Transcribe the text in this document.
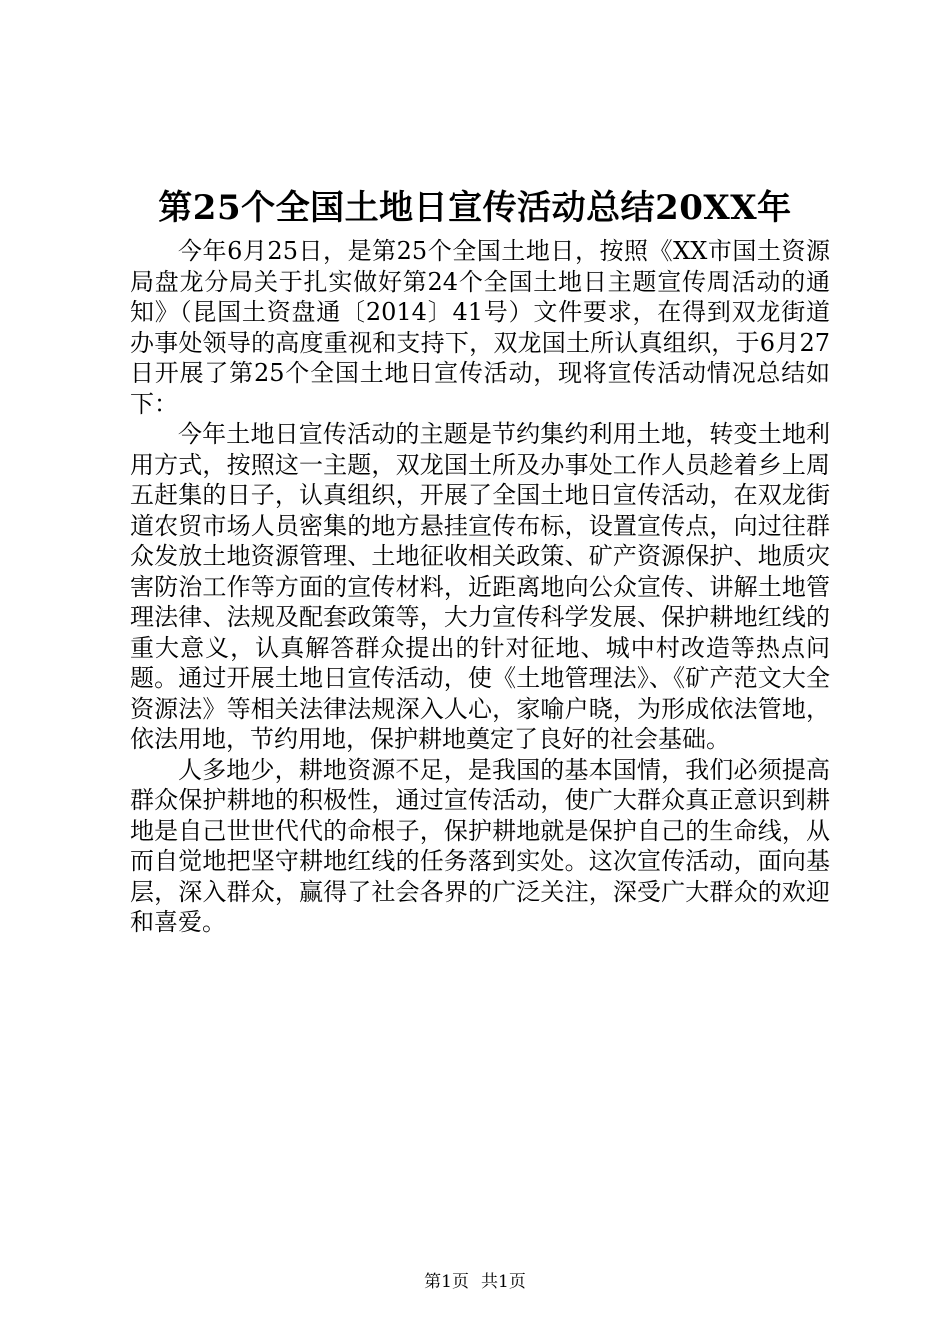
第25个全国土地日宣传活动总结20XX年

今年6月25日，是第25个全国土地日，按照《XX市国土资源局盘龙分局关于扎实做好第24个全国土地日主题宣传周活动的通知》（昆国土资盘通〔2014〕41号）文件要求，在得到双龙街道办事处领导的高度重视和支持下，双龙国土所认真组织，于6月27日开展了第25个全国土地日宣传活动，现将宣传活动情况总结如下：

今年土地日宣传活动的主题是节约集约利用土地，转变土地利用方式，按照这一主题，双龙国土所及办事处工作人员趁着乡上周五赶集的日子，认真组织，开展了全国土地日宣传活动，在双龙街道农贸市场人员密集的地方悬挂宣传布标，设置宣传点，向过往群众发放土地资源管理、土地征收相关政策、矿产资源保护、地质灾害防治工作等方面的宣传材料，近距离地向公众宣传、讲解土地管理法律、法规及配套政策等，大力宣传科学发展、保护耕地红线的重大意义，认真解答群众提出的针对征地、城中村改造等热点问题。通过开展土地日宣传活动，使《土地管理法》、《矿产范文大全资源法》等相关法律法规深入人心，家喻户晓，为形成依法管地，依法用地，节约用地，保护耕地奠定了良好的社会基础。

人多地少，耕地资源不足，是我国的基本国情，我们必须提高群众保护耕地的积极性，通过宣传活动，使广大群众真正意识到耕地是自己世世代代的命根子，保护耕地就是保护自己的生命线，从而自觉地把坚守耕地红线的任务落到实处。这次宣传活动，面向基层，深入群众，赢得了社会各界的广泛关注，深受广大群众的欢迎和喜爱。

第1页 共1页
